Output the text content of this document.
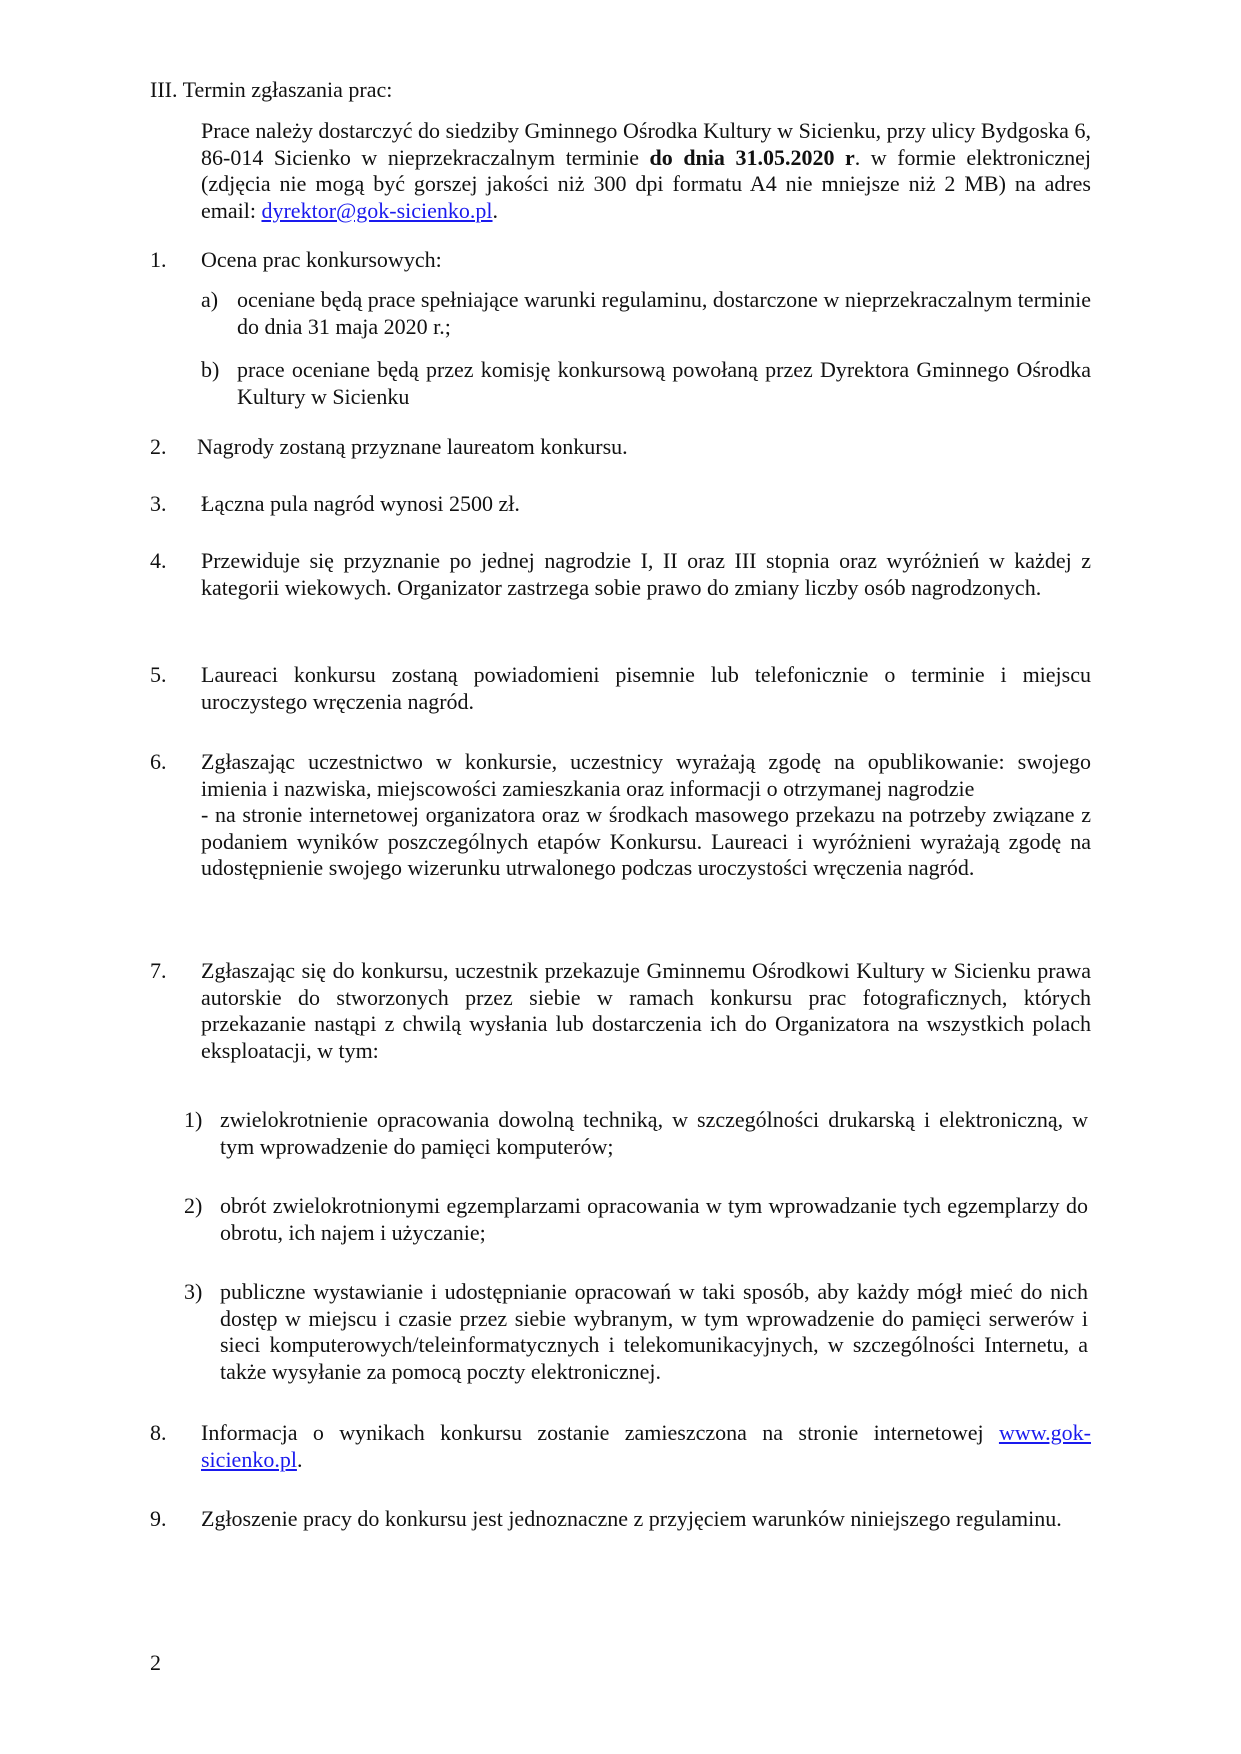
III. Termin zgłaszania prac:

Prace należy dostarczyć do siedziby Gminnego Ośrodka Kultury w Sicienku, przy ulicy Bydgoska 6, 86-014 Sicienko w nieprzekraczalnym terminie do dnia 31.05.2020 r. w formie elektronicznej (zdjęcia nie mogą być gorszej jakości niż 300 dpi formatu A4 nie mniejsze niż 2 MB) na adres email: dyrektor@gok-sicienko.pl.

1. Ocena prac konkursowych:
a) oceniane będą prace spełniające warunki regulaminu, dostarczone w nieprzekraczalnym terminie do dnia 31 maja 2020 r.;
b) prace oceniane będą przez komisję konkursową powołaną przez Dyrektora Gminnego Ośrodka Kultury w Sicienku
2. Nagrody zostaną przyznane laureatom konkursu.
3. Łączna pula nagród wynosi 2500 zł.
4. Przewiduje się przyznanie po jednej nagrodzie I, II oraz III stopnia oraz wyróżnień w każdej z kategorii wiekowych. Organizator zastrzega sobie prawo do zmiany liczby osób nagrodzonych.
5. Laureaci konkursu zostaną powiadomieni pisemnie lub telefonicznie o terminie i miejscu uroczystego wręczenia nagród.
6. Zgłaszając uczestnictwo w konkursie, uczestnicy wyrażają zgodę na opublikowanie: swojego imienia i nazwiska, miejscowości zamieszkania oraz informacji o otrzymanej nagrodzie
- na stronie internetowej organizatora oraz w środkach masowego przekazu na potrzeby związane z podaniem wyników poszczególnych etapów Konkursu. Laureaci i wyróżnieni wyrażają zgodę na udostępnienie swojego wizerunku utrwalonego podczas uroczystości wręczenia nagród.
7. Zgłaszając się do konkursu, uczestnik przekazuje Gminnemu Ośrodkowi Kultury w Sicienku prawa autorskie do stworzonych przez siebie w ramach konkursu prac fotograficznych, których przekazanie nastąpi z chwilą wysłania lub dostarczenia ich do Organizatora na wszystkich polach eksploatacji, w tym:
1) zwielokrotnienie opracowania dowolną techniką, w szczególności drukarską i elektroniczną, w tym wprowadzenie do pamięci komputerów;
2) obrót zwielokrotnionymi egzemplarzami opracowania w tym wprowadzanie tych egzemplarzy do obrotu, ich najem i użyczanie;
3) publiczne wystawianie i udostępnianie opracowań w taki sposób, aby każdy mógł mieć do nich dostęp w miejscu i czasie przez siebie wybranym, w tym wprowadzenie do pamięci serwerów i sieci komputerowych/teleinformatycznych i telekomunikacyjnych, w szczególności Internetu, a także wysyłanie za pomocą poczty elektronicznej.
8. Informacja o wynikach konkursu zostanie zamieszczona na stronie internetowej www.gok-sicienko.pl.
9. Zgłoszenie pracy do konkursu jest jednoznaczne z przyjęciem warunków niniejszego regulaminu.

2
